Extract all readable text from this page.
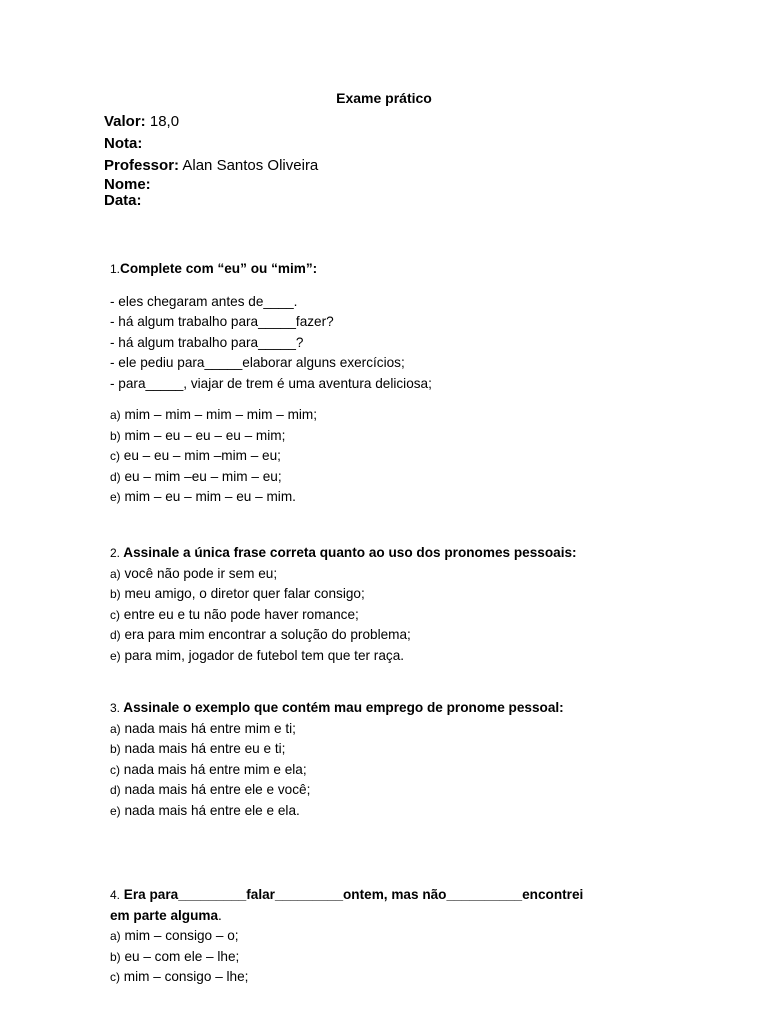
Exame prático
Valor: 18,0
Nota:
Professor: Alan Santos Oliveira
Nome:
Data:
1.Complete com “eu” ou “mim”:
- eles chegaram antes de____.
- há algum trabalho para_____fazer?
- há algum trabalho para_____?
- ele pediu para_____elaborar alguns exercícios;
- para_____, viajar de trem é uma aventura deliciosa;
a) mim – mim – mim – mim – mim;
b) mim – eu – eu – eu – mim;
c) eu – eu – mim –mim – eu;
d) eu – mim –eu – mim – eu;
e) mim – eu – mim – eu – mim.
2. Assinale a única frase correta quanto ao uso dos pronomes pessoais:
a) você não pode ir sem eu;
b) meu amigo, o diretor quer falar consigo;
c) entre eu e tu não pode haver romance;
d) era para mim encontrar a solução do problema;
e) para mim, jogador de futebol tem que ter raça.
3. Assinale o exemplo que contém mau emprego de pronome pessoal:
a) nada mais há entre mim e ti;
b) nada mais há entre eu e ti;
c) nada mais há entre mim e ela;
d) nada mais há entre ele e você;
e) nada mais há entre ele e ela.
4. Era para_________falar_________ontem, mas não__________encontrei
em parte alguma.
a) mim – consigo – o;
b) eu – com ele – lhe;
c) mim – consigo – lhe;
